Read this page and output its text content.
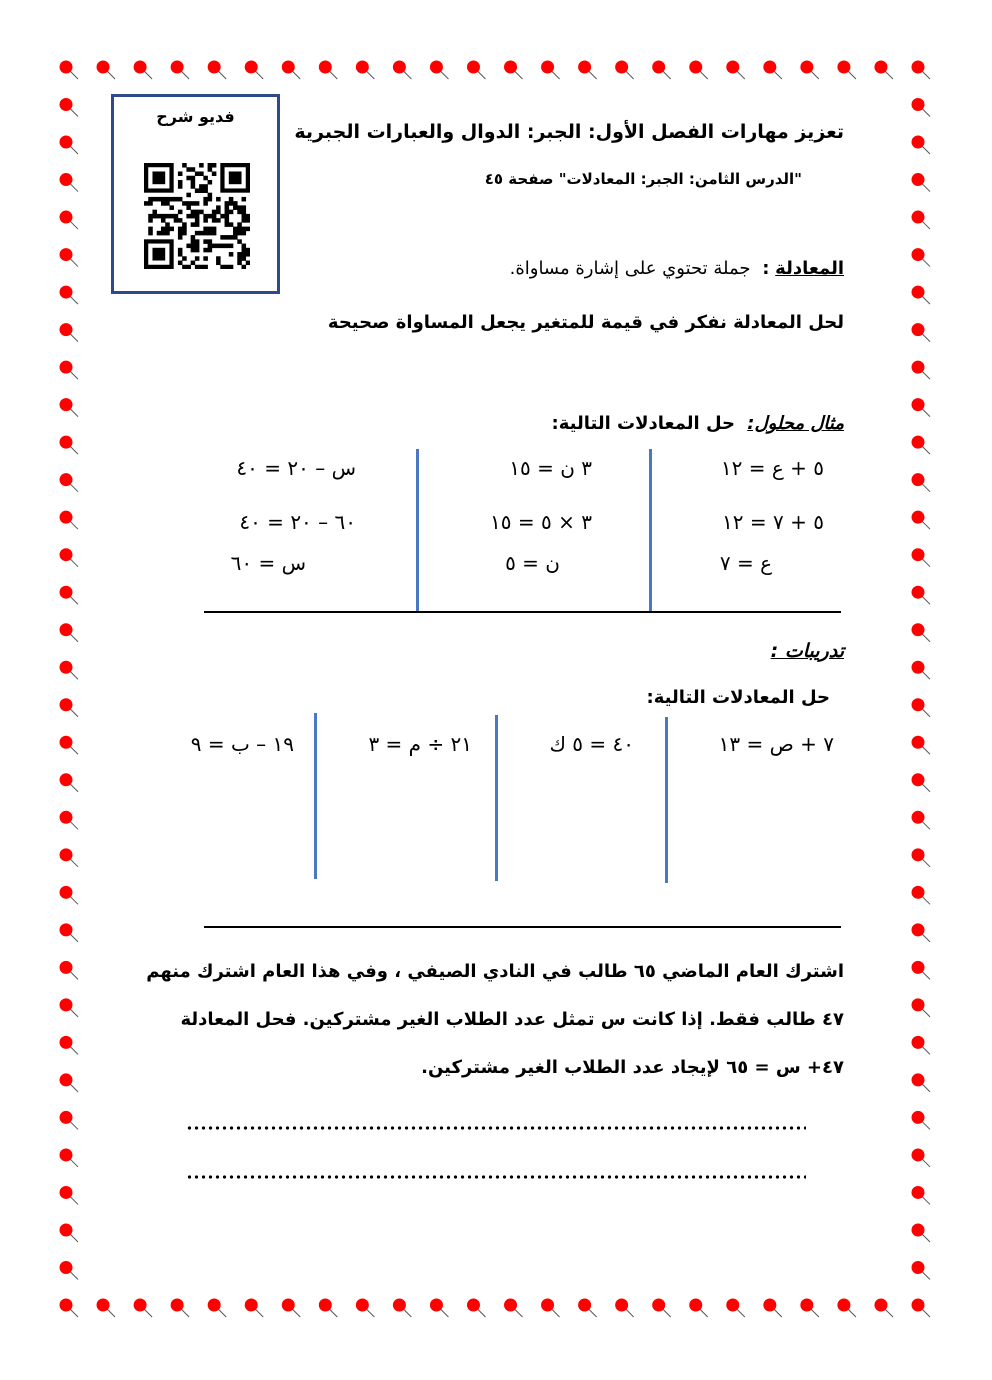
فديو شرح
تعزيز مهارات الفصل الأول: الجبر: الدوال والعبارات الجبرية
"الدرس الثامن: الجبر: المعادلات" صفحة ٤٥
المعادلة : جملة تحتوي على إشارة مساواة.
لحل المعادلة نفكر في قيمة للمتغير يجعل المساواة صحيحة
مثال محلول: حل المعادلات التالية:
٥ + ع = ١٢
٥ + ٧ = ١٢
ع = ٧
٣ ن = ١٥
٣ × ٥ = ١٥
ن = ٥
س – ٢٠ = ٤٠
٦٠ – ٢٠ = ٤٠
س = ٦٠
تدريبات :
حل المعادلات التالية:
٧ + ص = ١٣
٤٠ = ٥ ك
٢١ ÷ م = ٣
١٩ – ب = ٩
اشترك العام الماضي ٦٥ طالب في النادي الصيفي ، وفي هذا العام اشترك منهم
٤٧ طالب فقط. إذا كانت س تمثل عدد الطلاب الغير مشتركين. فحل المعادلة
٤٧+ س = ٦٥ لإيجاد عدد الطلاب الغير مشتركين.
